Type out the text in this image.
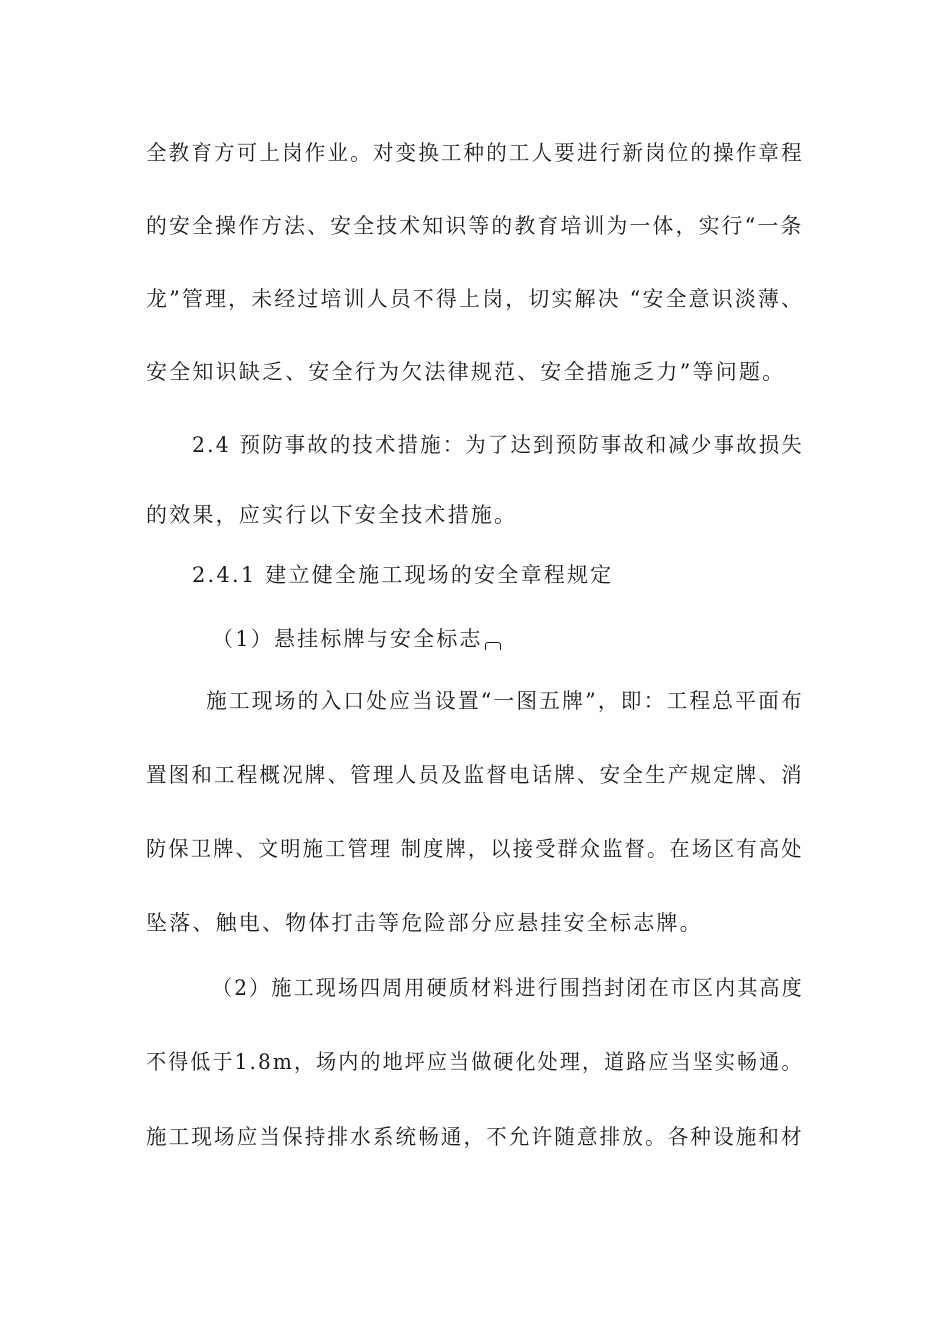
全教育方可上岗作业。对变换工种的工人要进行新岗位的操作章程
的安全操作方法、安全技术知识等的教育培训为一体，实行“一条
龙”管理，未经过培训人员不得上岗，切实解决 “安全意识淡薄、
安全知识缺乏、安全行为欠法律规范、安全措施乏力”等问题。
2.4 预防事故的技术措施：为了达到预防事故和减少事故损失
的效果，应实行以下安全技术措施。
2.4.1 建立健全施工现场的安全章程规定
（1）悬挂标牌与安全标志
施工现场的入口处应当设置“一图五牌”，即：工程总平面布
置图和工程概况牌、管理人员及监督电话牌、安全生产规定牌、消
防保卫牌、文明施工管理 制度牌，以接受群众监督。在场区有高处
坠落、触电、物体打击等危险部分应悬挂安全标志牌。
（2）施工现场四周用硬质材料进行围挡封闭在市区内其高度
不得低于1.8m，场内的地坪应当做硬化处理，道路应当坚实畅通。
施工现场应当保持排水系统畅通，不允许随意排放。各种设施和材
